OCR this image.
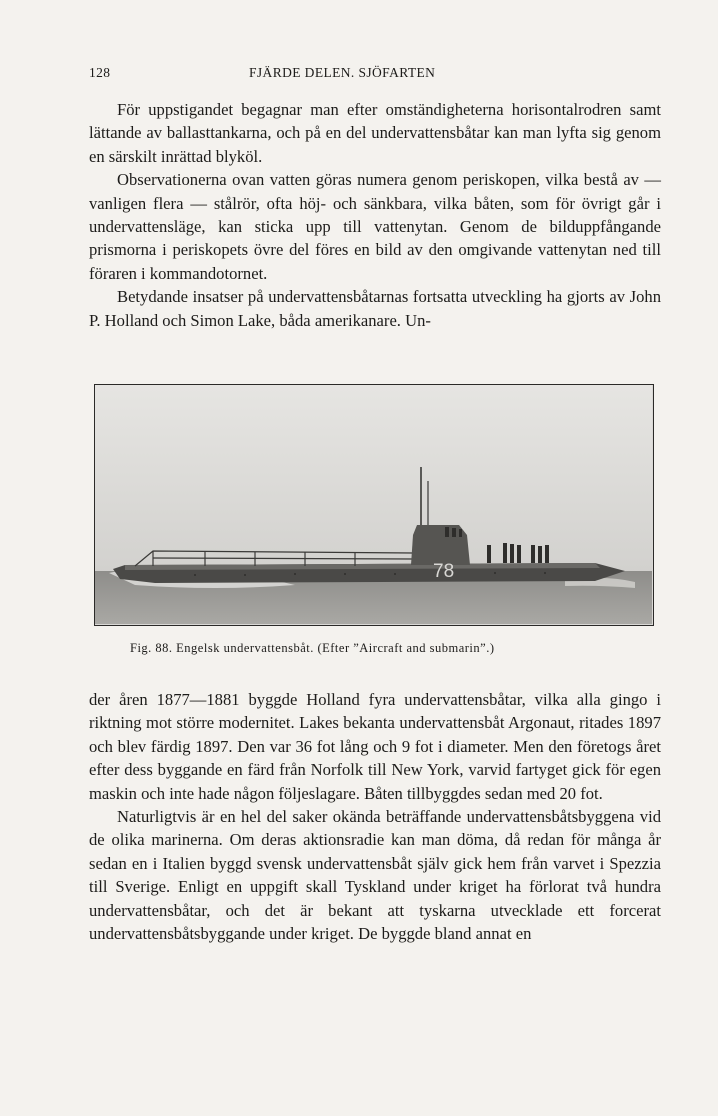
128	FJÄRDE DELEN. SJÖFARTEN

För uppstigandet begagnar man efter omständigheterna horisontalrodren samt lättande av ballasttankarna, och på en del undervattensbåtar kan man lyfta sig genom en särskilt inrättad blyköl.

Observationerna ovan vatten göras numera genom periskopen, vilka bestå av — vanligen flera — stålrör, ofta höj- och sänkbara, vilka båten, som för övrigt går i undervattensläge, kan sticka upp till vattenytan. Genom de bilduppfångande prismorna i periskopets övre del föres en bild av den omgivande vattenytan ned till föraren i kommandotornet.

Betydande insatser på undervattensbåtarnas fortsatta utveckling ha gjorts av John P. Holland och Simon Lake, båda amerikanare. Un-

78
Fig. 88. Engelsk undervattensbåt. (Efter ”Aircraft and submarin”.)

der åren 1877—1881 byggde Holland fyra undervattensbåtar, vilka alla gingo i riktning mot större modernitet. Lakes bekanta undervattensbåt Argonaut, ritades 1897 och blev färdig 1897. Den var 36 fot lång och 9 fot i diameter. Men den företogs året efter dess byggande en färd från Norfolk till New York, varvid fartyget gick för egen maskin och inte hade någon följeslagare. Båten tillbyggdes sedan med 20 fot.

Naturligtvis är en hel del saker okända beträffande undervattensbåtsbyggena vid de olika marinerna. Om deras aktionsradie kan man döma, då redan för många år sedan en i Italien byggd svensk undervattensbåt själv gick hem från varvet i Spezzia till Sverige. Enligt en uppgift skall Tyskland under kriget ha förlorat två hundra undervattensbåtar, och det är bekant att tyskarna utvecklade ett forcerat undervattensbåtsbyggande under kriget. De byggde bland annat en
